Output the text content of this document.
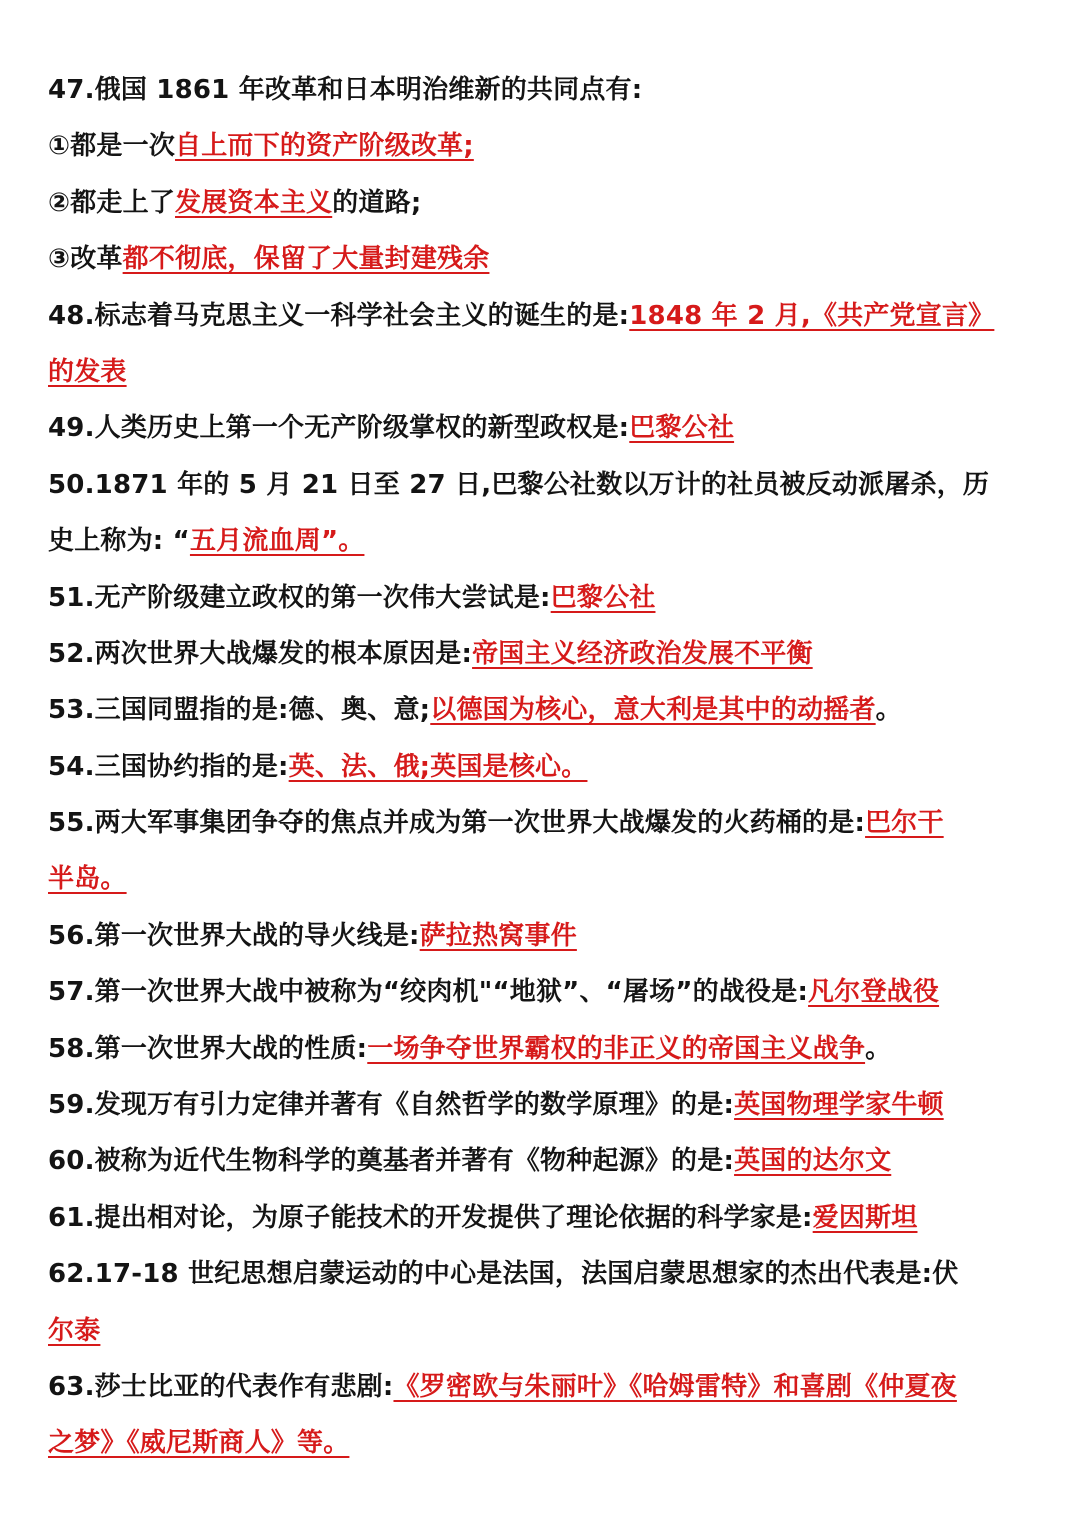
47.俄国 1861 年改革和日本明治维新的共同点有:
①都是一次自上而下的资产阶级改革;
②都走上了发展资本主义的道路;
③改革都不彻底，保留了大量封建残余
48.标志着马克思主义一科学社会主义的诞生的是:1848 年 2 月,《共产党宣言》
的发表
49.人类历史上第一个无产阶级掌权的新型政权是:巴黎公社
50.1871 年的 5 月 21 日至 27 日,巴黎公社数以万计的社员被反动派屠杀，历
史上称为: “五月流血周”。
51.无产阶级建立政权的第一次伟大尝试是:巴黎公社
52.两次世界大战爆发的根本原因是:帝国主义经济政治发展不平衡
53.三国同盟指的是:德、奥、意;以德国为核心，意大利是其中的动摇者。
54.三国协约指的是:英、法、俄;英国是核心。
55.两大军事集团争夺的焦点并成为第一次世界大战爆发的火药桶的是:巴尔干
半岛。
56.第一次世界大战的导火线是:萨拉热窝事件
57.第一次世界大战中被称为“绞肉机"“地狱”、“屠场”的战役是:凡尔登战役
58.第一次世界大战的性质:一场争夺世界霸权的非正义的帝国主义战争。
59.发现万有引力定律并著有《自然哲学的数学原理》的是:英国物理学家牛顿
60.被称为近代生物科学的奠基者并著有《物种起源》的是:英国的达尔文
61.提出相对论，为原子能技术的开发提供了理论依据的科学家是:爱因斯坦
62.17-18 世纪思想启蒙运动的中心是法国，法国启蒙思想家的杰出代表是:伏
尔泰
63.莎士比亚的代表作有悲剧:《罗密欧与朱丽叶》《哈姆雷特》和喜剧《仲夏夜
之梦》《威尼斯商人》等。
